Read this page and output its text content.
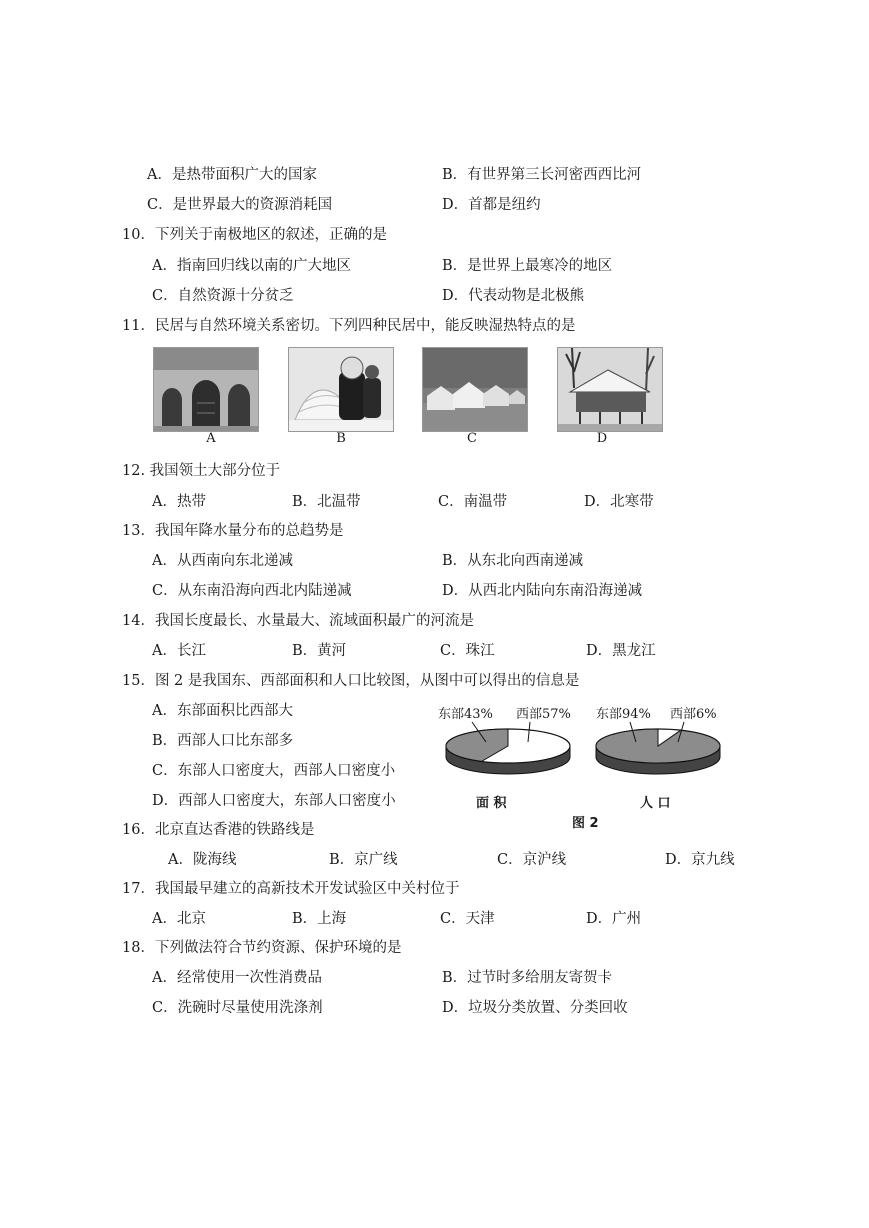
A．是热带面积广大的国家	B．有世界第三长河密西西比河
C．是世界最大的资源消耗国	D．首都是纽约
10．下列关于南极地区的叙述，正确的是
A．指南回归线以南的广大地区	B．是世界上最寒冷的地区
C．自然资源十分贫乏	D．代表动物是北极熊
11．民居与自然环境关系密切。下列四种民居中，能反映湿热特点的是
A	B	C	D
12. 我国领土大部分位于
A．热带	B．北温带	C．南温带	D．北寒带
13．我国年降水量分布的总趋势是
A．从西南向东北递减	B．从东北向西南递减
C．从东南沿海向西北内陆递减	D．从西北内陆向东南沿海递减
14．我国长度最长、水量最大、流域面积最广的河流是
A．长江	B．黄河	C．珠江	D．黑龙江
15．图 2 是我国东、西部面积和人口比较图，从图中可以得出的信息是
A．东部面积比西部大
B．西部人口比东部多
C．东部人口密度大，西部人口密度小
D．西部人口密度大，东部人口密度小
东部43% 西部57% 东部94% 西部6%
面 积	人 口
图 2
16．北京直达香港的铁路线是
A．陇海线	B．京广线	C．京沪线	D．京九线
17．我国最早建立的高新技术开发试验区中关村位于
A．北京	B．上海	C．天津	D．广州
18．下列做法符合节约资源、保护环境的是
A．经常使用一次性消费品	B．过节时多给朋友寄贺卡
C．洗碗时尽量使用洗涤剂	D．垃圾分类放置、分类回收
